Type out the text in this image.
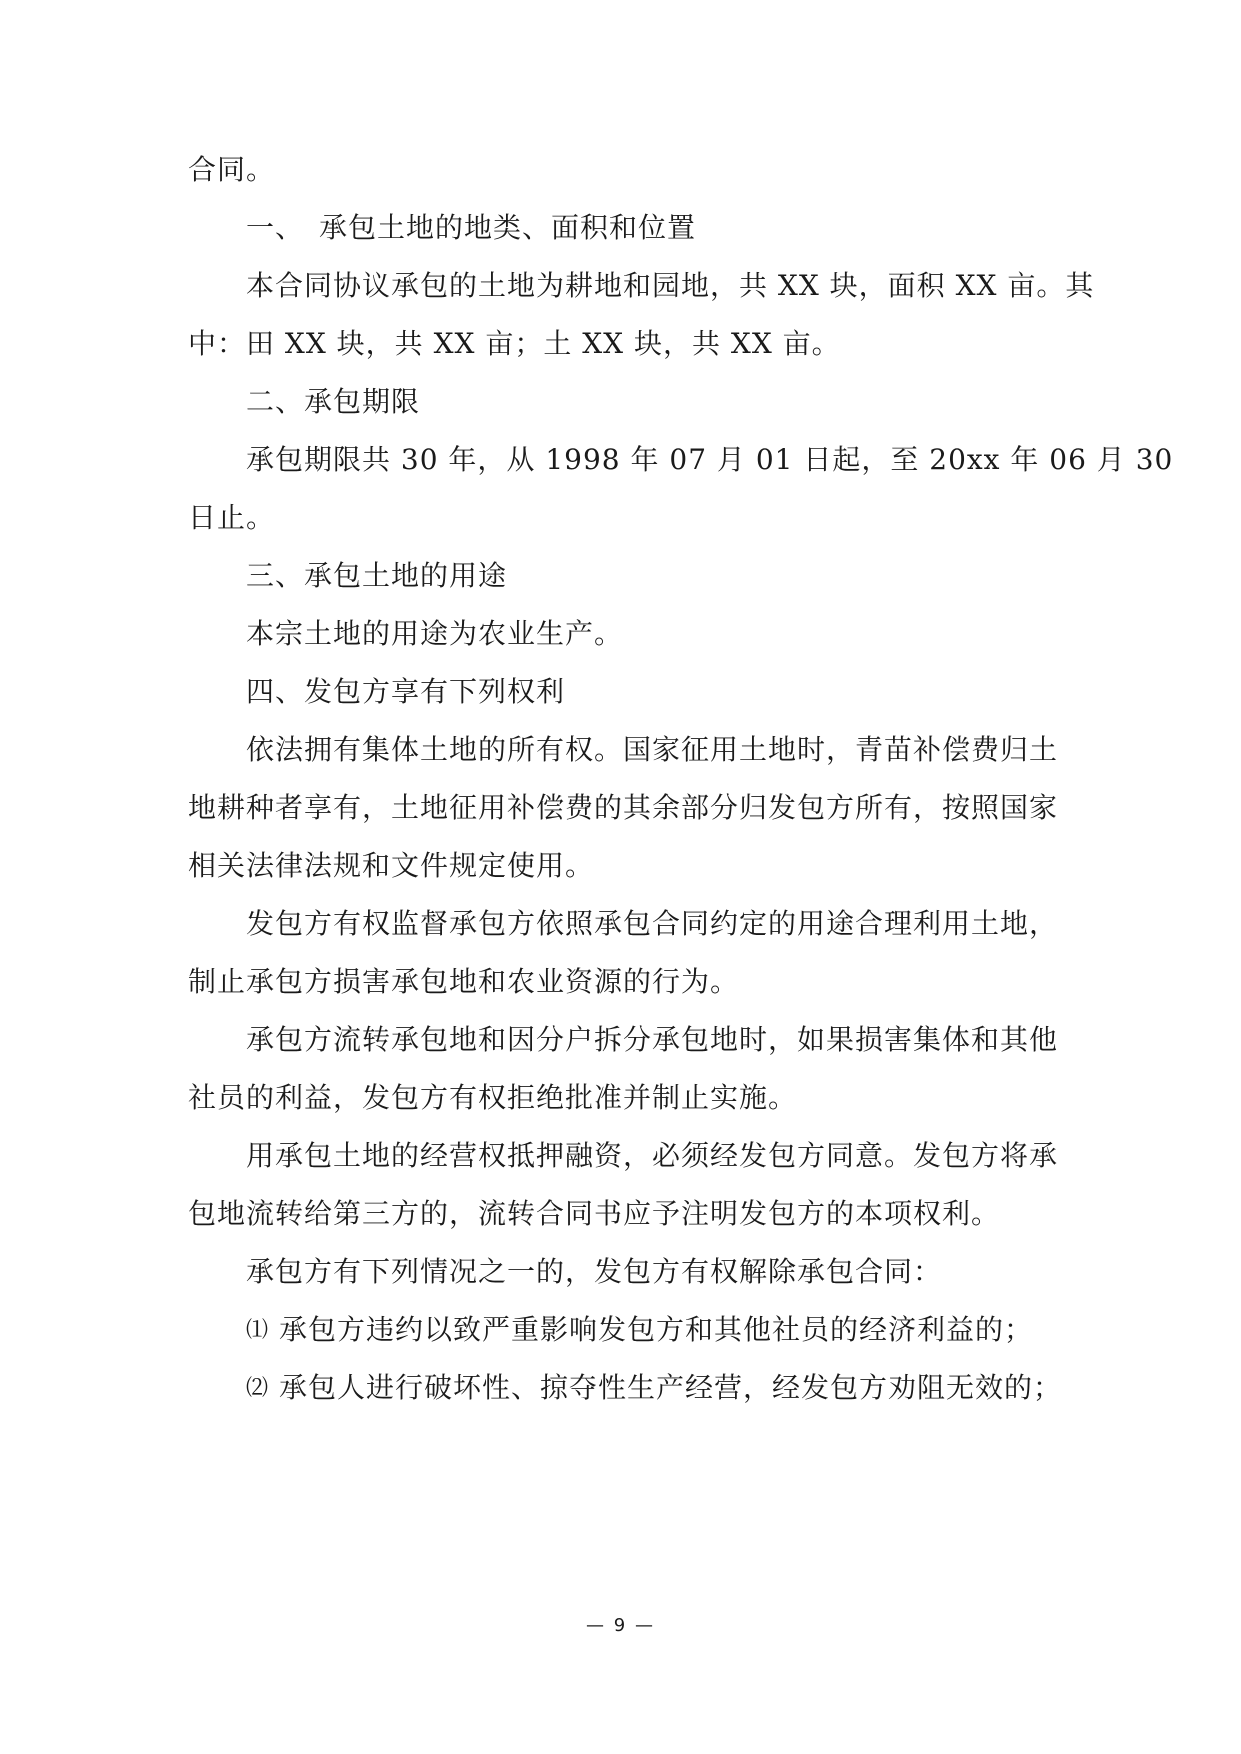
合同。
一、　承包土地的地类、面积和位置
本合同协议承包的土地为耕地和园地，共 XX 块，面积 XX 亩。其
中：田 XX 块，共 XX 亩；土 XX 块，共 XX 亩。
二、承包期限
承包期限共 30 年，从 1998 年 07 月 01 日起，至 20xx 年 06 月 30
日止。
三、承包土地的用途
本宗土地的用途为农业生产。
四、发包方享有下列权利
依法拥有集体土地的所有权。国家征用土地时，青苗补偿费归土
地耕种者享有，土地征用补偿费的其余部分归发包方所有，按照国家
相关法律法规和文件规定使用。
发包方有权监督承包方依照承包合同约定的用途合理利用土地，
制止承包方损害承包地和农业资源的行为。
承包方流转承包地和因分户拆分承包地时，如果损害集体和其他
社员的利益，发包方有权拒绝批准并制止实施。
用承包土地的经营权抵押融资，必须经发包方同意。发包方将承
包地流转给第三方的，流转合同书应予注明发包方的本项权利。
承包方有下列情况之一的，发包方有权解除承包合同：
⑴ 承包方违约以致严重影响发包方和其他社员的经济利益的；
⑵ 承包人进行破坏性、掠夺性生产经营，经发包方劝阻无效的；
— 9 —
